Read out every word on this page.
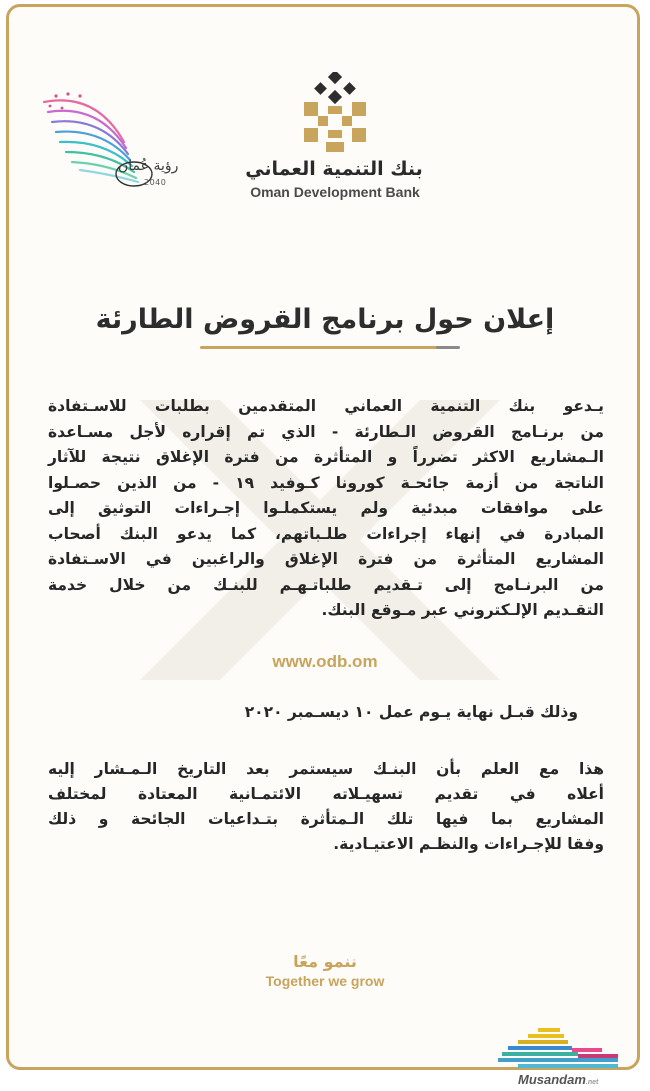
رؤية عُمان
2040
بنك التنمية العماني
Oman Development Bank
إعلان حول برنامج القروض الطارئة
يـدعو بنك التنمية العماني المتقدمين بطلبات للاسـتفادة
من برنـامج القروض الـطارئة - الذي تم إقراره لأجل مسـاعدة
الـمشاريع الاكثر تضرراً و المتأثرة من فترة الإغلاق نتيجة للآثار
الناتجة من أزمة جائحـة كورونا كـوفيد ١٩ - من الذين حصـلوا
على موافقات مبدئية ولم يستكملـوا إجـراءات التوثيق إلى
المبادرة في إنهاء إجراءات طلـباتهم، كما يدعو البنك أصحاب
المشاريع المتأثرة من فترة الإغلاق والراغبين في الاسـتفادة
من البرنـامج إلى تـقديم طلباتـهـم للبنـك من خلال خدمة
التقـديم الإلـكتروني عبر مـوقع البنك.
www.odb.om
وذلك قبـل نهاية يـوم عمل ١٠ ديسـمبر ٢٠٢٠
هذا مع العلم بأن البنـك سيستمر بعد التاريخ الـمـشار إليه
أعلاه في تقديم تسهيـلاته الائتمـانية المعتادة لمختلف
المشاريع بما فيها تلك الـمتأثرة بتـداعيات الجائحة و ذلك
وفقا للإجـراءات والنظـم الاعتيـادية.
ننمو معًا
Together we grow
Musandam.net
